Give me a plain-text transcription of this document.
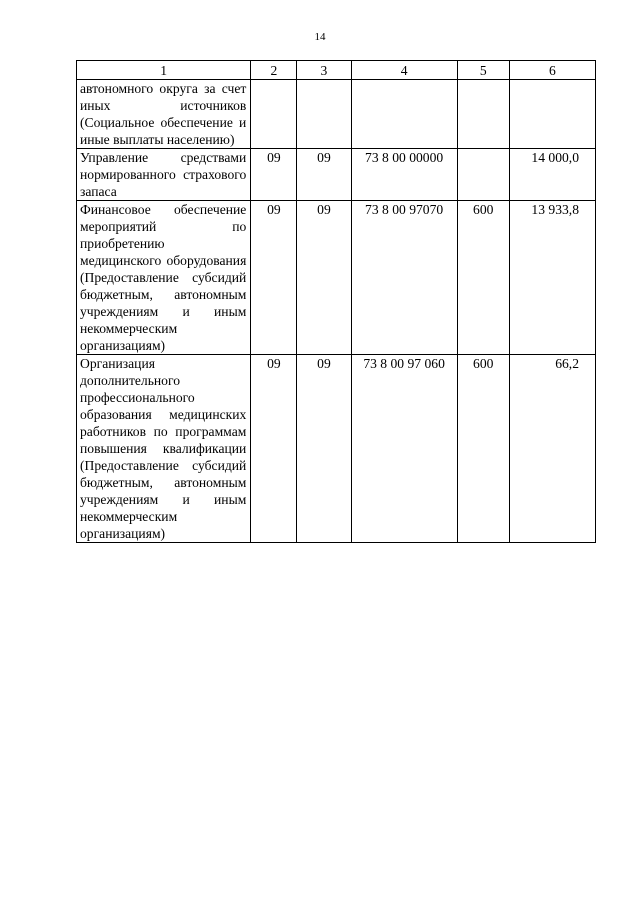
14
1	2	3	4	5	6
автономного округа за счет иных источников (Социальное обеспечение и иные выплаты населению)					
Управление средствами нормированного страхового запаса	09	09	73 8 00 00000		14 000,0
Финансовое обеспечение мероприятий по приобретению медицинского оборудования (Предоставление субсидий бюджетным, автономным учреждениям и иным некоммерческим организациям)	09	09	73 8 00 97070	600	13 933,8
Организация дополнительного профессионального образования медицинских работников по программам повышения квалификации (Предоставление субсидий бюджетным, автономным учреждениям и иным некоммерческим организациям)	09	09	73 8 00 97 060	600	66,2
